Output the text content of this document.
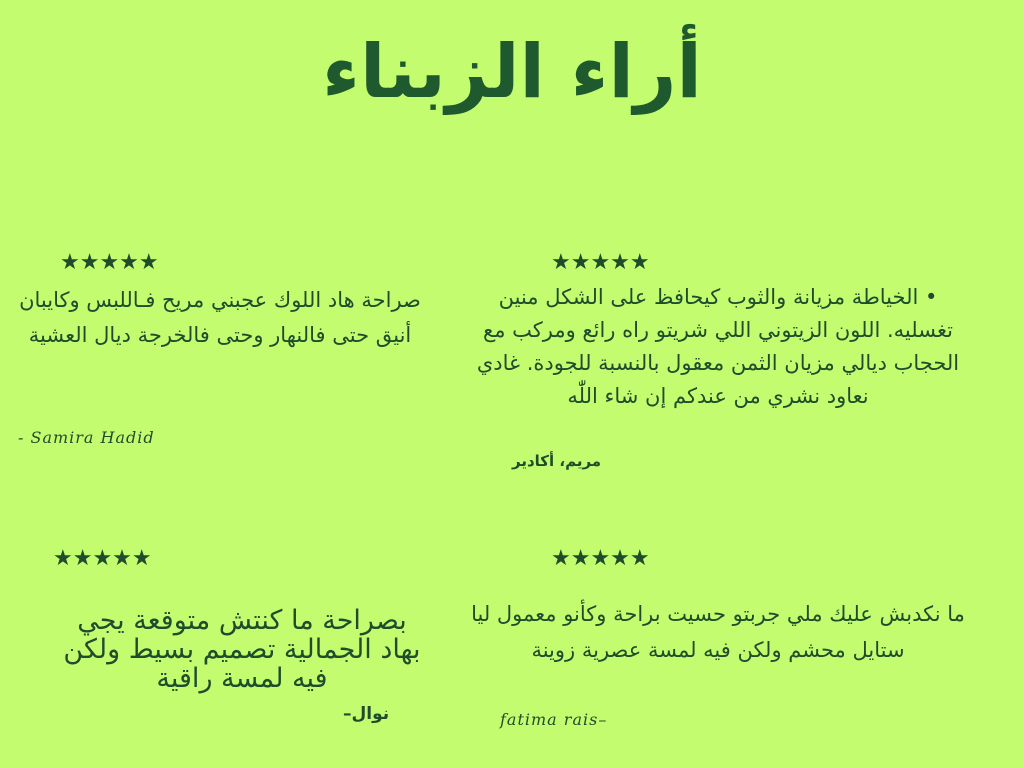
أراء الزبناء
★★★★★
صراحة هاد اللوك عجبني مريح فـاللبس وكايبان أنيق حتى فالنهار وحتى فالخرجة ديال العشية
- Samira Hadid
★★★★★
• الخياطة مزيانة والثوب كيحافظ على الشكل منين تغسليه. اللون الزيتوني اللي شريتو راه رائع ومركب مع الحجاب ديالي مزيان الثمن معقول بالنسبة للجودة. غادي نعاود نشري من عندكم إن شاء اللّٰه
مريم، أكادير
★★★★★
بصراحة ما كنتش متوقعة يجي بهاد الجمالية تصميم بسيط ولكن فيه لمسة راقية
نوال–
★★★★★
ما نكدبش عليك ملي جربتو حسيت براحة وكأنو معمول ليا ستايل محشم ولكن فيه لمسة عصرية زوينة
fatima rais–
